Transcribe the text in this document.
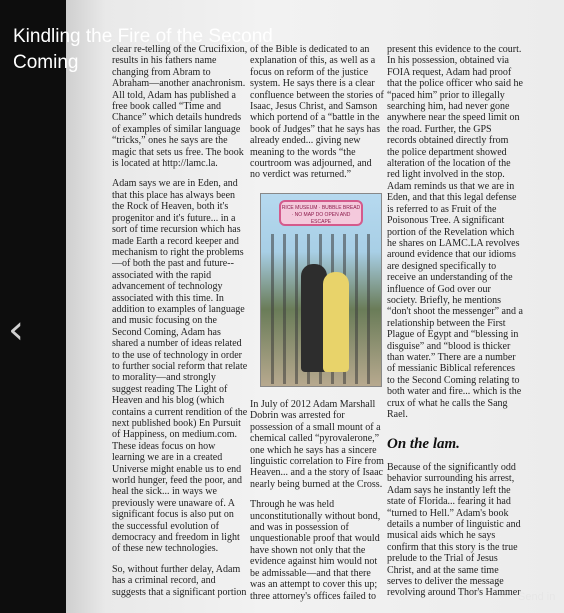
clear re-telling of the Crucifixion, results in his fathers name changing from Abram to Abraham—another anachronism. All told, Adam has published a free book called “Time and Chance” which details hundreds of examples of similar language “tricks,” ones he says are the magic that sets us free. The book is located at http://lamc.la.

Adam says we are in Eden, and that this place has always been the Rock of Heaven, both it's progenitor and it's future... in a sort of time recursion which has made Earth a record keeper and mechanism to right the problems—of both the past and future--associated with the rapid advancement of technology associated with this time. In addition to examples of language and music focusing on the Second Coming, Adam has shared a number of ideas related to the use of technology in order to further social reform that relate to morality—and strongly suggest reading The Light of Heaven and his blog (which contains a current rendition of the next published book) En Pursuit of Happiness, on medium.com. These ideas focus on how learning we are in a created Universe might enable us to end world hunger, feed the poor, and heal the sick... in ways we previously were unaware of. A significant focus is also put on the successful evolution of democracy and freedom in light of these new technologies.

So, without further delay, Adam has a criminal record, and suggests that a significant portion

of the Bible is dedicated to an explanation of this, as well as a focus on reform of the justice system. He says there is a clear confluence between the stories of Isaac, Jesus Christ, and Samson which portend of a “battle in the book of Judges” that he says has already ended... giving new meaning to the words “the courtroom was adjourned, and no verdict was returned.”

RICE MUSEUM · BUBBLE BREAD · NO MAP DO OPEN AND ESCAPE

In July of 2012 Adam Marshall Dobrin was arrested for possession of a small mount of a chemical called “pyrovalerone,” one which he says has a sincere linguistic correlation to Fire from Heaven... and a the story of Isaac nearly being burned at the Cross.

Through he was held unconstitutionally without bond, and was in possession of unquestionable proof that would have shown not only that the evidence against him would not be admissable—and that there was an attempt to cover this up; three attorney's offices failed to

present this evidence to the court. In his possession, obtained via FOIA request, Adam had proof that the police officer who said he “paced him” prior to illegally searching him, had never gone anywhere near the speed limit on the road. Further, the GPS records obtained directly from the police department showed alteration of the location of the red light involved in the stop. Adam reminds us that we are in Eden, and that this legal defense is referred to as Fruit of the Poisonous Tree. A significant portion of the Revelation which he shares on LAMC.LA revolves around evidence that our idioms are designed specifically to receive an understanding of the influence of God over our society. Briefly, he mentions “don't shoot the messenger” and a relationship between the First Plague of Egypt and “blessing in disguise” and “blood is thicker than water.” There are a number of messianic Biblical references to the Second Coming relating to both water and fire... which is the crux of what he calls the Sang Rael.

On the lam.

Because of the significantly odd behavior surrounding his arrest, Adam says he instantly left the state of Florida... fearing it had “turned to Hell.” Adam's book details a number of linguistic and musical aids which he says confirm that this story is the true prelude to the Trial of Jesus Christ, and at the same time serves to deliver the message revolving around Thor's Hammer

Kindling the Fire of the Second Coming
‹
Send in
